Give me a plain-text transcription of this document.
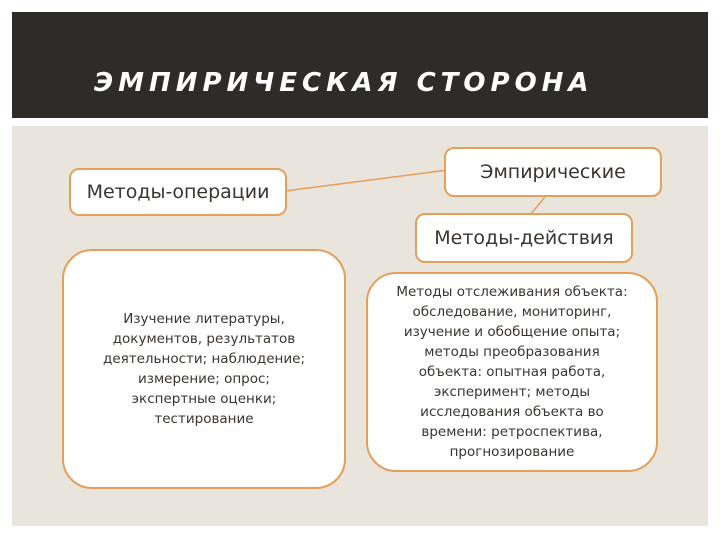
ЭМПИРИЧЕСКАЯ СТОРОНА
Методы-операции
Эмпирические
Методы-действия
Изучение литературы,
документов, результатов
деятельности; наблюдение;
измерение; опрос;
экспертные оценки;
тестирование
Методы отслеживания объекта:
обследование, мониторинг,
изучение и обобщение опыта;
методы преобразования
объекта: опытная работа,
эксперимент; методы
исследования объекта во
времени: ретроспектива,
прогнозирование
